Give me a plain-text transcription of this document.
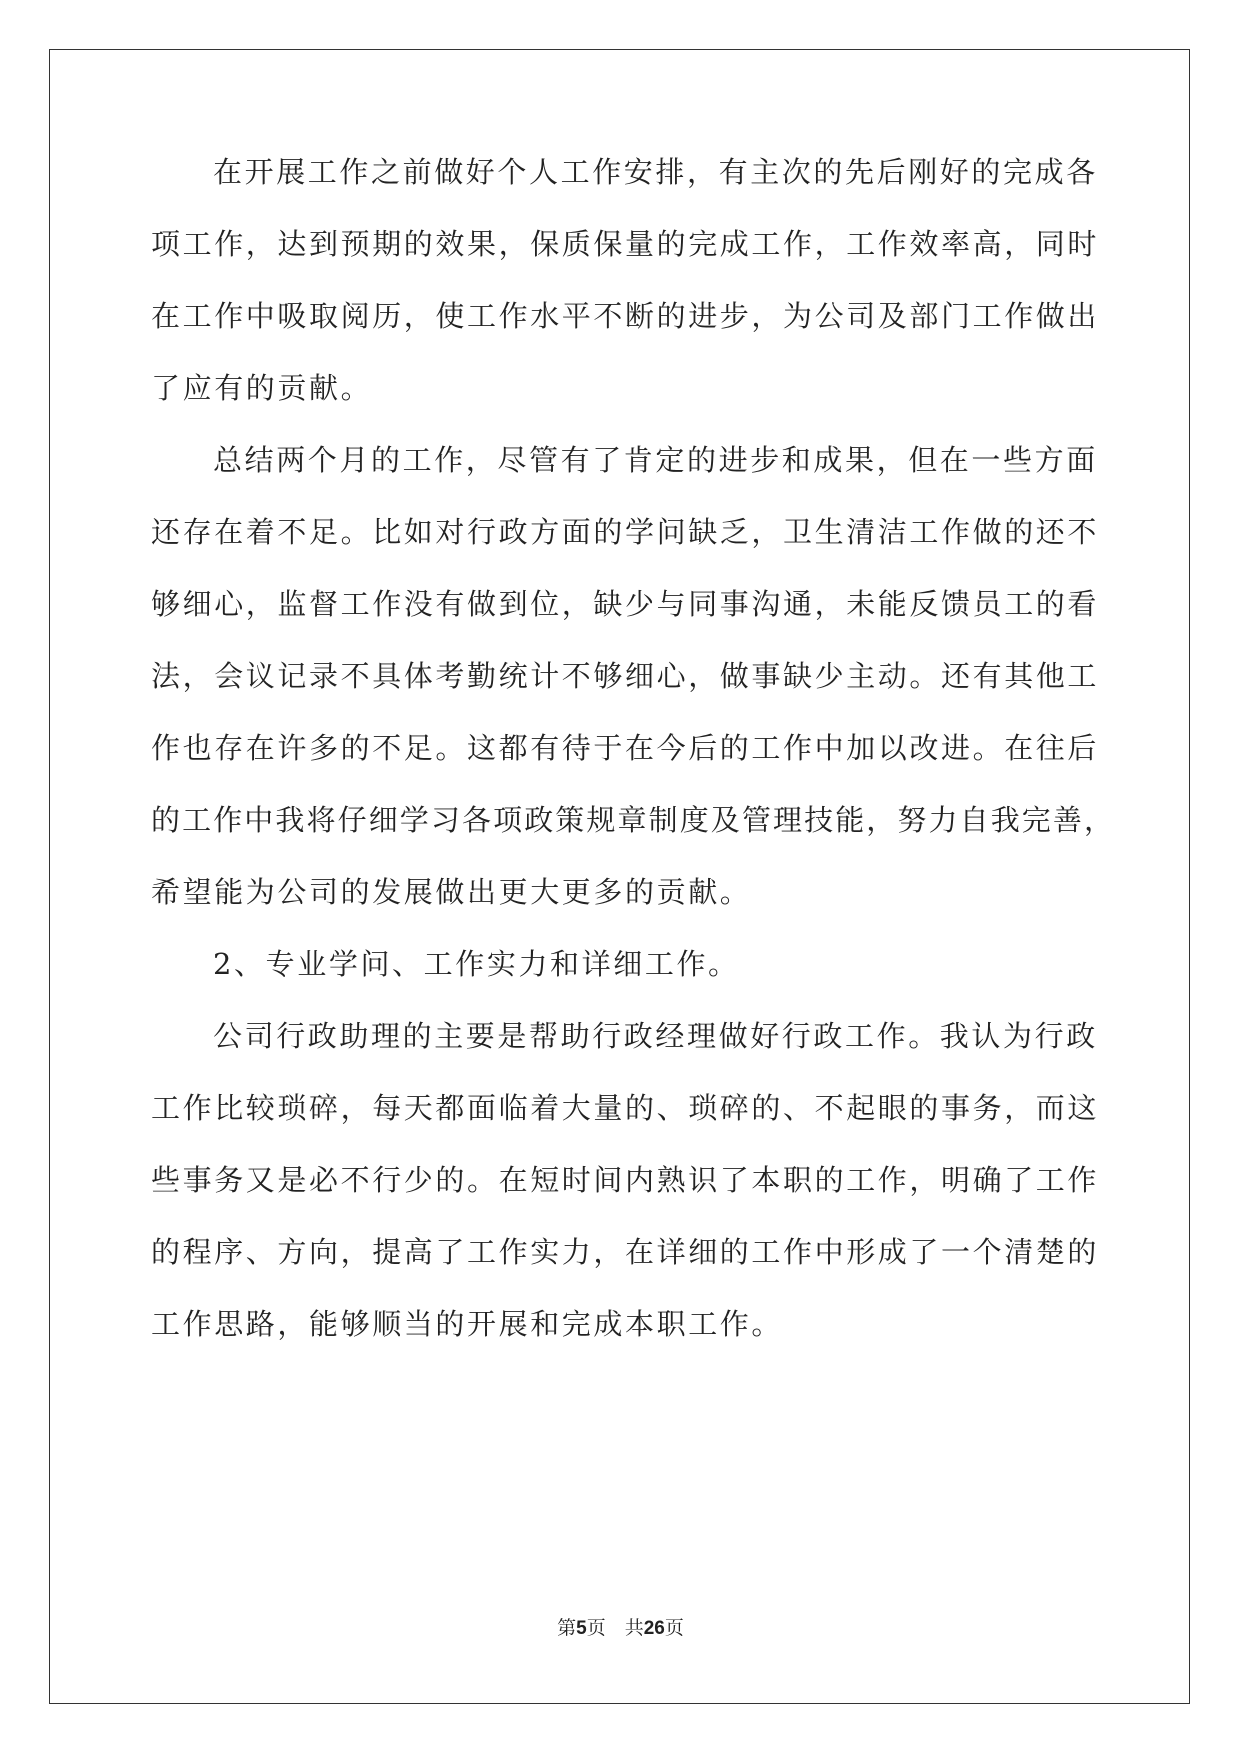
在开展工作之前做好个人工作安排，有主次的先后刚好的完成各
项工作，达到预期的效果，保质保量的完成工作，工作效率高，同时
在工作中吸取阅历，使工作水平不断的进步，为公司及部门工作做出
了应有的贡献。
总结两个月的工作，尽管有了肯定的进步和成果，但在一些方面
还存在着不足。比如对行政方面的学问缺乏，卫生清洁工作做的还不
够细心，监督工作没有做到位，缺少与同事沟通，未能反馈员工的看
法，会议记录不具体考勤统计不够细心，做事缺少主动。还有其他工
作也存在许多的不足。这都有待于在今后的工作中加以改进。在往后
的工作中我将仔细学习各项政策规章制度及管理技能，努力自我完善，
希望能为公司的发展做出更大更多的贡献。
2、专业学问、工作实力和详细工作。
公司行政助理的主要是帮助行政经理做好行政工作。我认为行政
工作比较琐碎，每天都面临着大量的、琐碎的、不起眼的事务，而这
些事务又是必不行少的。在短时间内熟识了本职的工作，明确了工作
的程序、方向，提高了工作实力，在详细的工作中形成了一个清楚的
工作思路，能够顺当的开展和完成本职工作。
第5页　共26页
